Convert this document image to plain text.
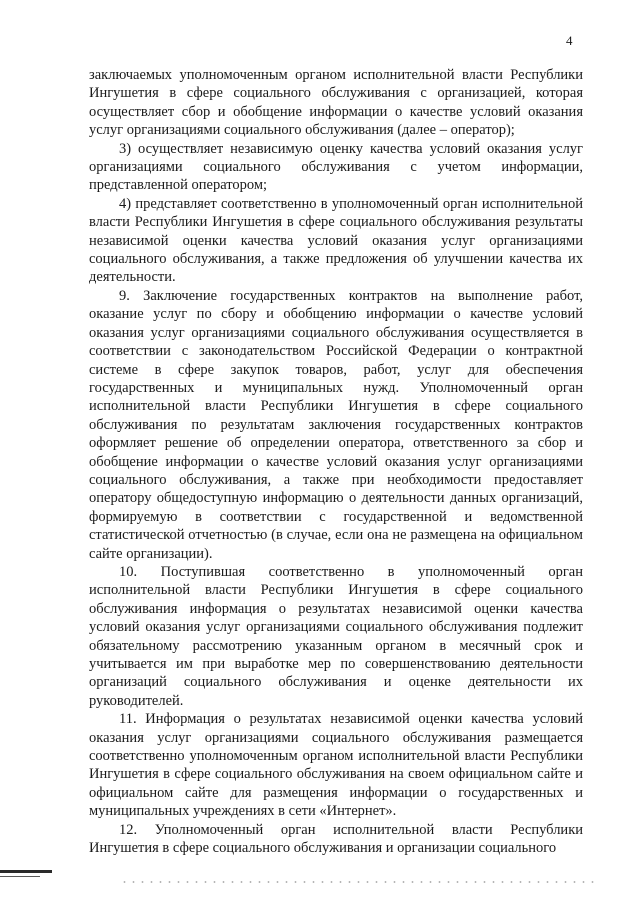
4

заключаемых уполномоченным органом исполнительной власти Республики Ингушетия в сфере социального обслуживания с организацией, которая осуществляет сбор и обобщение информации о качестве условий оказания услуг организациями социального обслуживания (далее – оператор);

3) осуществляет независимую оценку качества условий оказания услуг организациями социального обслуживания с учетом информации, представленной оператором;

4) представляет соответственно в уполномоченный орган исполнительной власти Республики Ингушетия в сфере социального обслуживания результаты независимой оценки качества условий оказания услуг организациями социального обслуживания, а также предложения об улучшении качества их деятельности.

9. Заключение государственных контрактов на выполнение работ, оказание услуг по сбору и обобщению информации о качестве условий оказания услуг организациями социального обслуживания осуществляется в соответствии с законодательством Российской Федерации о контрактной системе в сфере закупок товаров, работ, услуг для обеспечения государственных и муниципальных нужд. Уполномоченный орган исполнительной власти Республики Ингушетия в сфере социального обслуживания по результатам заключения государственных контрактов оформляет решение об определении оператора, ответственного за сбор и обобщение информации о качестве условий оказания услуг организациями социального обслуживания, а также при необходимости предоставляет оператору общедоступную информацию о деятельности данных организаций, формируемую в соответствии с государственной и ведомственной статистической отчетностью (в случае, если она не размещена на официальном сайте организации).

10. Поступившая соответственно в уполномоченный орган исполнительной власти Республики Ингушетия в сфере социального обслуживания информация о результатах независимой оценки качества условий оказания услуг организациями социального обслуживания подлежит обязательному рассмотрению указанным органом в месячный срок и учитывается им при выработке мер по совершенствованию деятельности организаций социального обслуживания и оценке деятельности их руководителей.

11. Информация о результатах независимой оценки качества условий оказания услуг организациями социального обслуживания размещается соответственно уполномоченным органом исполнительной власти Республики Ингушетия в сфере социального обслуживания на своем официальном сайте и официальном сайте для размещения информации о государственных и муниципальных учреждениях в сети «Интернет».

12. Уполномоченный орган исполнительной власти Республики Ингушетия в сфере социального обслуживания и организации социального
